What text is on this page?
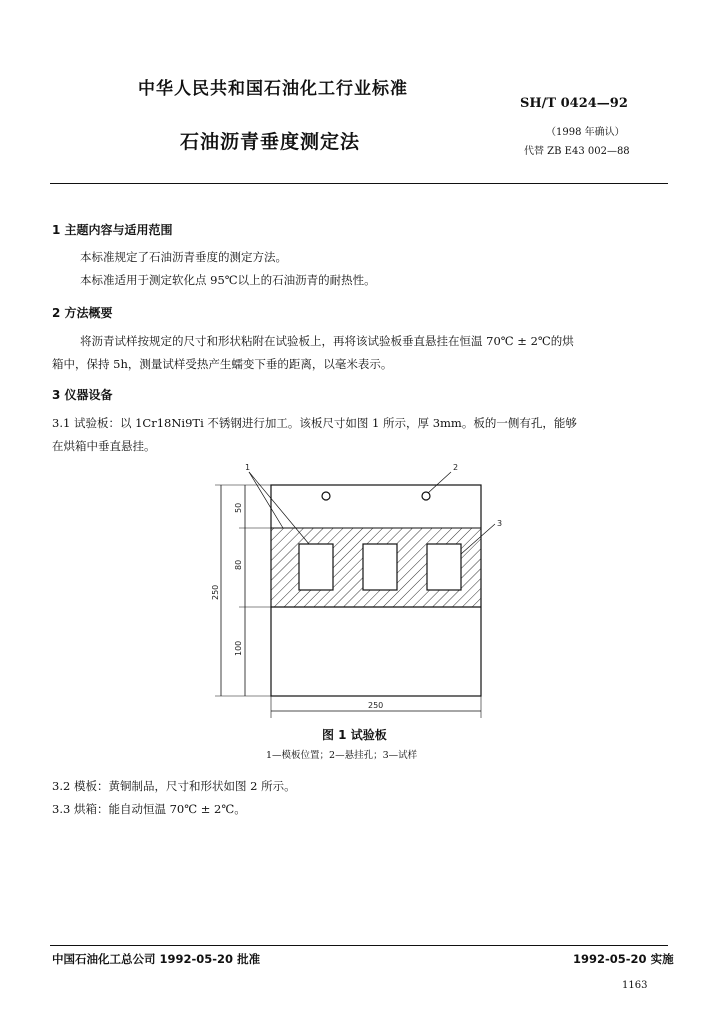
中华人民共和国石油化工行业标准
SH/T 0424—92
石油沥青垂度测定法	（1998 年确认）
代替 ZB E43 002—88
1 主题内容与适用范围
本标准规定了石油沥青垂度的测定方法。
本标准适用于测定软化点 95℃以上的石油沥青的耐热性。
2 方法概要
将沥青试样按规定的尺寸和形状粘附在试验板上，再将该试验板垂直悬挂在恒温 70℃ ± 2℃的烘
箱中，保持 5h，测量试样受热产生蠕变下垂的距离，以毫米表示。
3 仪器设备
3.1 试验板：以 1Cr18Ni9Ti 不锈钢进行加工。该板尺寸如图 1 所示，厚 3mm。板的一侧有孔，能够
在烘箱中垂直悬挂。
50
80
100
250
250
1	2
3
图 1 试验板
1—模板位置；2—悬挂孔；3—试样
3.2 模板：黄铜制品，尺寸和形状如图 2 所示。
3.3 烘箱：能自动恒温 70℃ ± 2℃。
中国石油化工总公司 1992-05-20 批准	1992-05-20 实施
1163
